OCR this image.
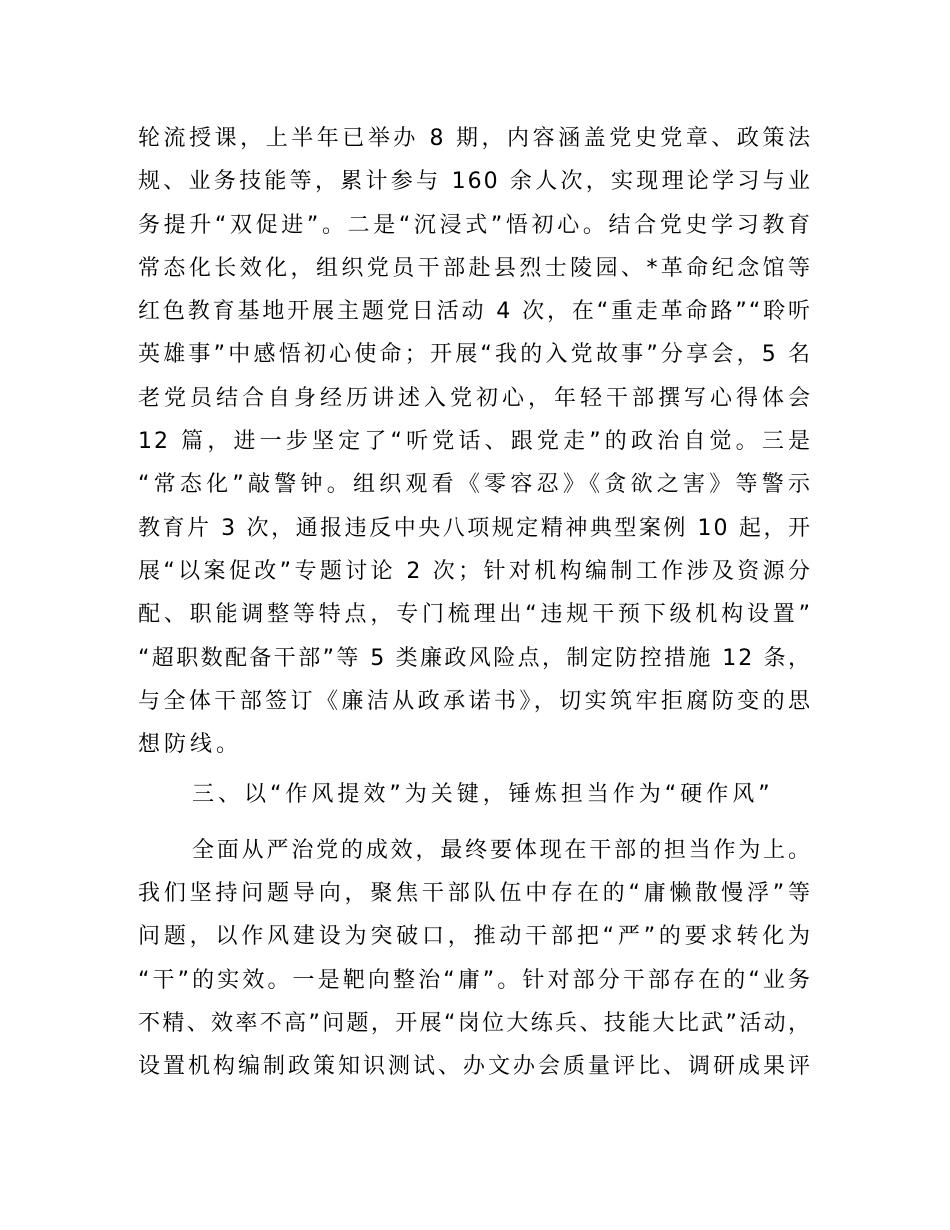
轮流授课，上半年已举办 8 期，内容涵盖党史党章、政策法
规、业务技能等，累计参与 160 余人次，实现理论学习与业
务提升“双促进”。二是“沉浸式”悟初心。结合党史学习教育
常态化长效化，组织党员干部赴县烈士陵园、*革命纪念馆等
红色教育基地开展主题党日活动 4 次，在“重走革命路”“聆听
英雄事”中感悟初心使命；开展“我的入党故事”分享会，5 名
老党员结合自身经历讲述入党初心，年轻干部撰写心得体会
12 篇，进一步坚定了“听党话、跟党走”的政治自觉。三是
“常态化”敲警钟。组织观看《零容忍》《贪欲之害》等警示
教育片 3 次，通报违反中央八项规定精神典型案例 10 起，开
展“以案促改”专题讨论 2 次；针对机构编制工作涉及资源分
配、职能调整等特点，专门梳理出“违规干预下级机构设置”
“超职数配备干部”等 5 类廉政风险点，制定防控措施 12 条，
与全体干部签订《廉洁从政承诺书》，切实筑牢拒腐防变的思
想防线。
三、以“作风提效”为关键，锤炼担当作为“硬作风”
全面从严治党的成效，最终要体现在干部的担当作为上。
我们坚持问题导向，聚焦干部队伍中存在的“庸懒散慢浮”等
问题，以作风建设为突破口，推动干部把“严”的要求转化为
“干”的实效。一是靶向整治“庸”。针对部分干部存在的“业务
不精、效率不高”问题，开展“岗位大练兵、技能大比武”活动，
设置机构编制政策知识测试、办文办会质量评比、调研成果评
